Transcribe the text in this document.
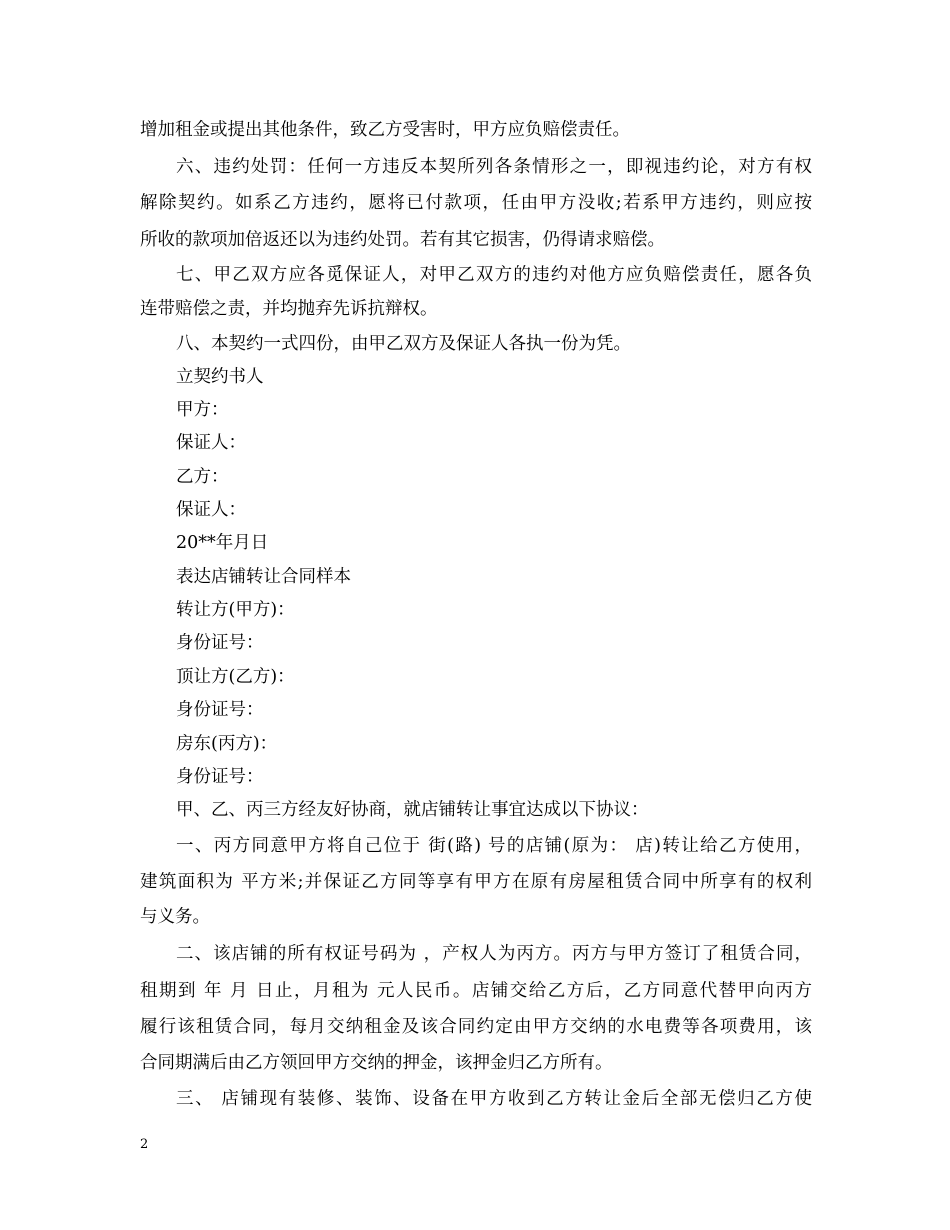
增加租金或提出其他条件，致乙方受害时，甲方应负赔偿责任。
六、违约处罚：任何一方违反本契所列各条情形之一，即视违约论，对方有权
解除契约。如系乙方违约，愿将已付款项，任由甲方没收;若系甲方违约，则应按
所收的款项加倍返还以为违约处罚。若有其它损害，仍得请求赔偿。
七、甲乙双方应各觅保证人，对甲乙双方的违约对他方应负赔偿责任，愿各负
连带赔偿之责，并均抛弃先诉抗辩权。
八、本契约一式四份，由甲乙双方及保证人各执一份为凭。
立契约书人
甲方：
保证人：
乙方：
保证人：
20**年月日
表达店铺转让合同样本
转让方(甲方)：
身份证号：
顶让方(乙方)：
身份证号：
房东(丙方)：
身份证号：
甲、乙、丙三方经友好协商，就店铺转让事宜达成以下协议：
一、丙方同意甲方将自己位于 街(路) 号的店铺(原为： 店)转让给乙方使用，
建筑面积为 平方米;并保证乙方同等享有甲方在原有房屋租赁合同中所享有的权利
与义务。
二、该店铺的所有权证号码为 ，产权人为丙方。丙方与甲方签订了租赁合同，
租期到 年 月 日止，月租为 元人民币。店铺交给乙方后，乙方同意代替甲向丙方
履行该租赁合同，每月交纳租金及该合同约定由甲方交纳的水电费等各项费用，该
合同期满后由乙方领回甲方交纳的押金，该押金归乙方所有。
三、 店铺现有装修、装饰、设备在甲方收到乙方转让金后全部无偿归乙方使
2
